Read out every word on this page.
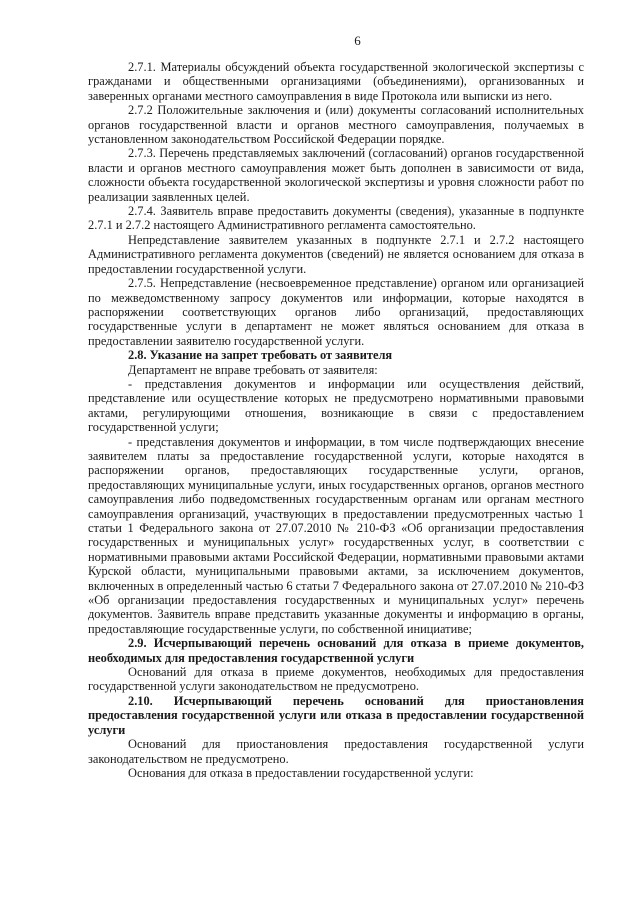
6

2.7.1. Материалы обсуждений объекта государственной экологической экспертизы с гражданами и общественными организациями (объединениями), организованных и заверенных органами местного самоуправления в виде Протокола или выписки из него.

2.7.2 Положительные заключения и (или) документы согласований исполнительных органов государственной власти и органов местного самоуправления, получаемых в установленном законодательством Российской Федерации порядке.

2.7.3. Перечень представляемых заключений (согласований) органов государственной власти и органов местного самоуправления может быть дополнен в зависимости от вида, сложности объекта государственной экологической экспертизы и уровня сложности работ по реализации заявленных целей.

2.7.4. Заявитель вправе предоставить документы (сведения), указанные в подпункте 2.7.1 и 2.7.2 настоящего Административного регламента самостоятельно.

Непредставление заявителем указанных в подпункте 2.7.1 и 2.7.2 настоящего Административного регламента документов (сведений) не является основанием для отказа в предоставлении государственной услуги.

2.7.5. Непредставление (несвоевременное представление) органом или организацией по межведомственному запросу документов или информации, которые находятся в распоряжении соответствующих органов либо организаций, предоставляющих государственные услуги в департамент не может являться основанием для отказа в предоставлении заявителю государственной услуги.

2.8. Указание на запрет требовать от заявителя

Департамент не вправе требовать от заявителя:

- представления документов и информации или осуществления действий, представление или осуществление которых не предусмотрено нормативными правовыми актами, регулирующими отношения, возникающие в связи с предоставлением государственной услуги;

- представления документов и информации, в том числе подтверждающих внесение заявителем платы за предоставление государственной услуги, которые находятся в распоряжении органов, предоставляющих государственные услуги, органов, предоставляющих муниципальные услуги, иных государственных органов, органов местного самоуправления либо подведомственных государственным органам или органам местного самоуправления организаций, участвующих в предоставлении предусмотренных частью 1 статьи 1 Федерального закона от 27.07.2010 № 210-ФЗ «Об организации предоставления государственных и муниципальных услуг» государственных услуг, в соответствии с нормативными правовыми актами Российской Федерации, нормативными правовыми актами Курской области, муниципальными правовыми актами, за исключением документов, включенных в определенный частью 6 статьи 7 Федерального закона от 27.07.2010 № 210-ФЗ «Об организации предоставления государственных и муниципальных услуг» перечень документов. Заявитель вправе представить указанные документы и информацию в органы, предоставляющие государственные услуги, по собственной инициативе;

2.9. Исчерпывающий перечень оснований для отказа в приеме документов, необходимых для предоставления государственной услуги

Оснований для отказа в приеме документов, необходимых для предоставления государственной услуги законодательством не предусмотрено.

2.10. Исчерпывающий перечень оснований для приостановления предоставления государственной услуги или отказа в предоставлении государственной услуги

Оснований для приостановления предоставления государственной услуги законодательством не предусмотрено.

Основания для отказа в предоставлении государственной услуги:
